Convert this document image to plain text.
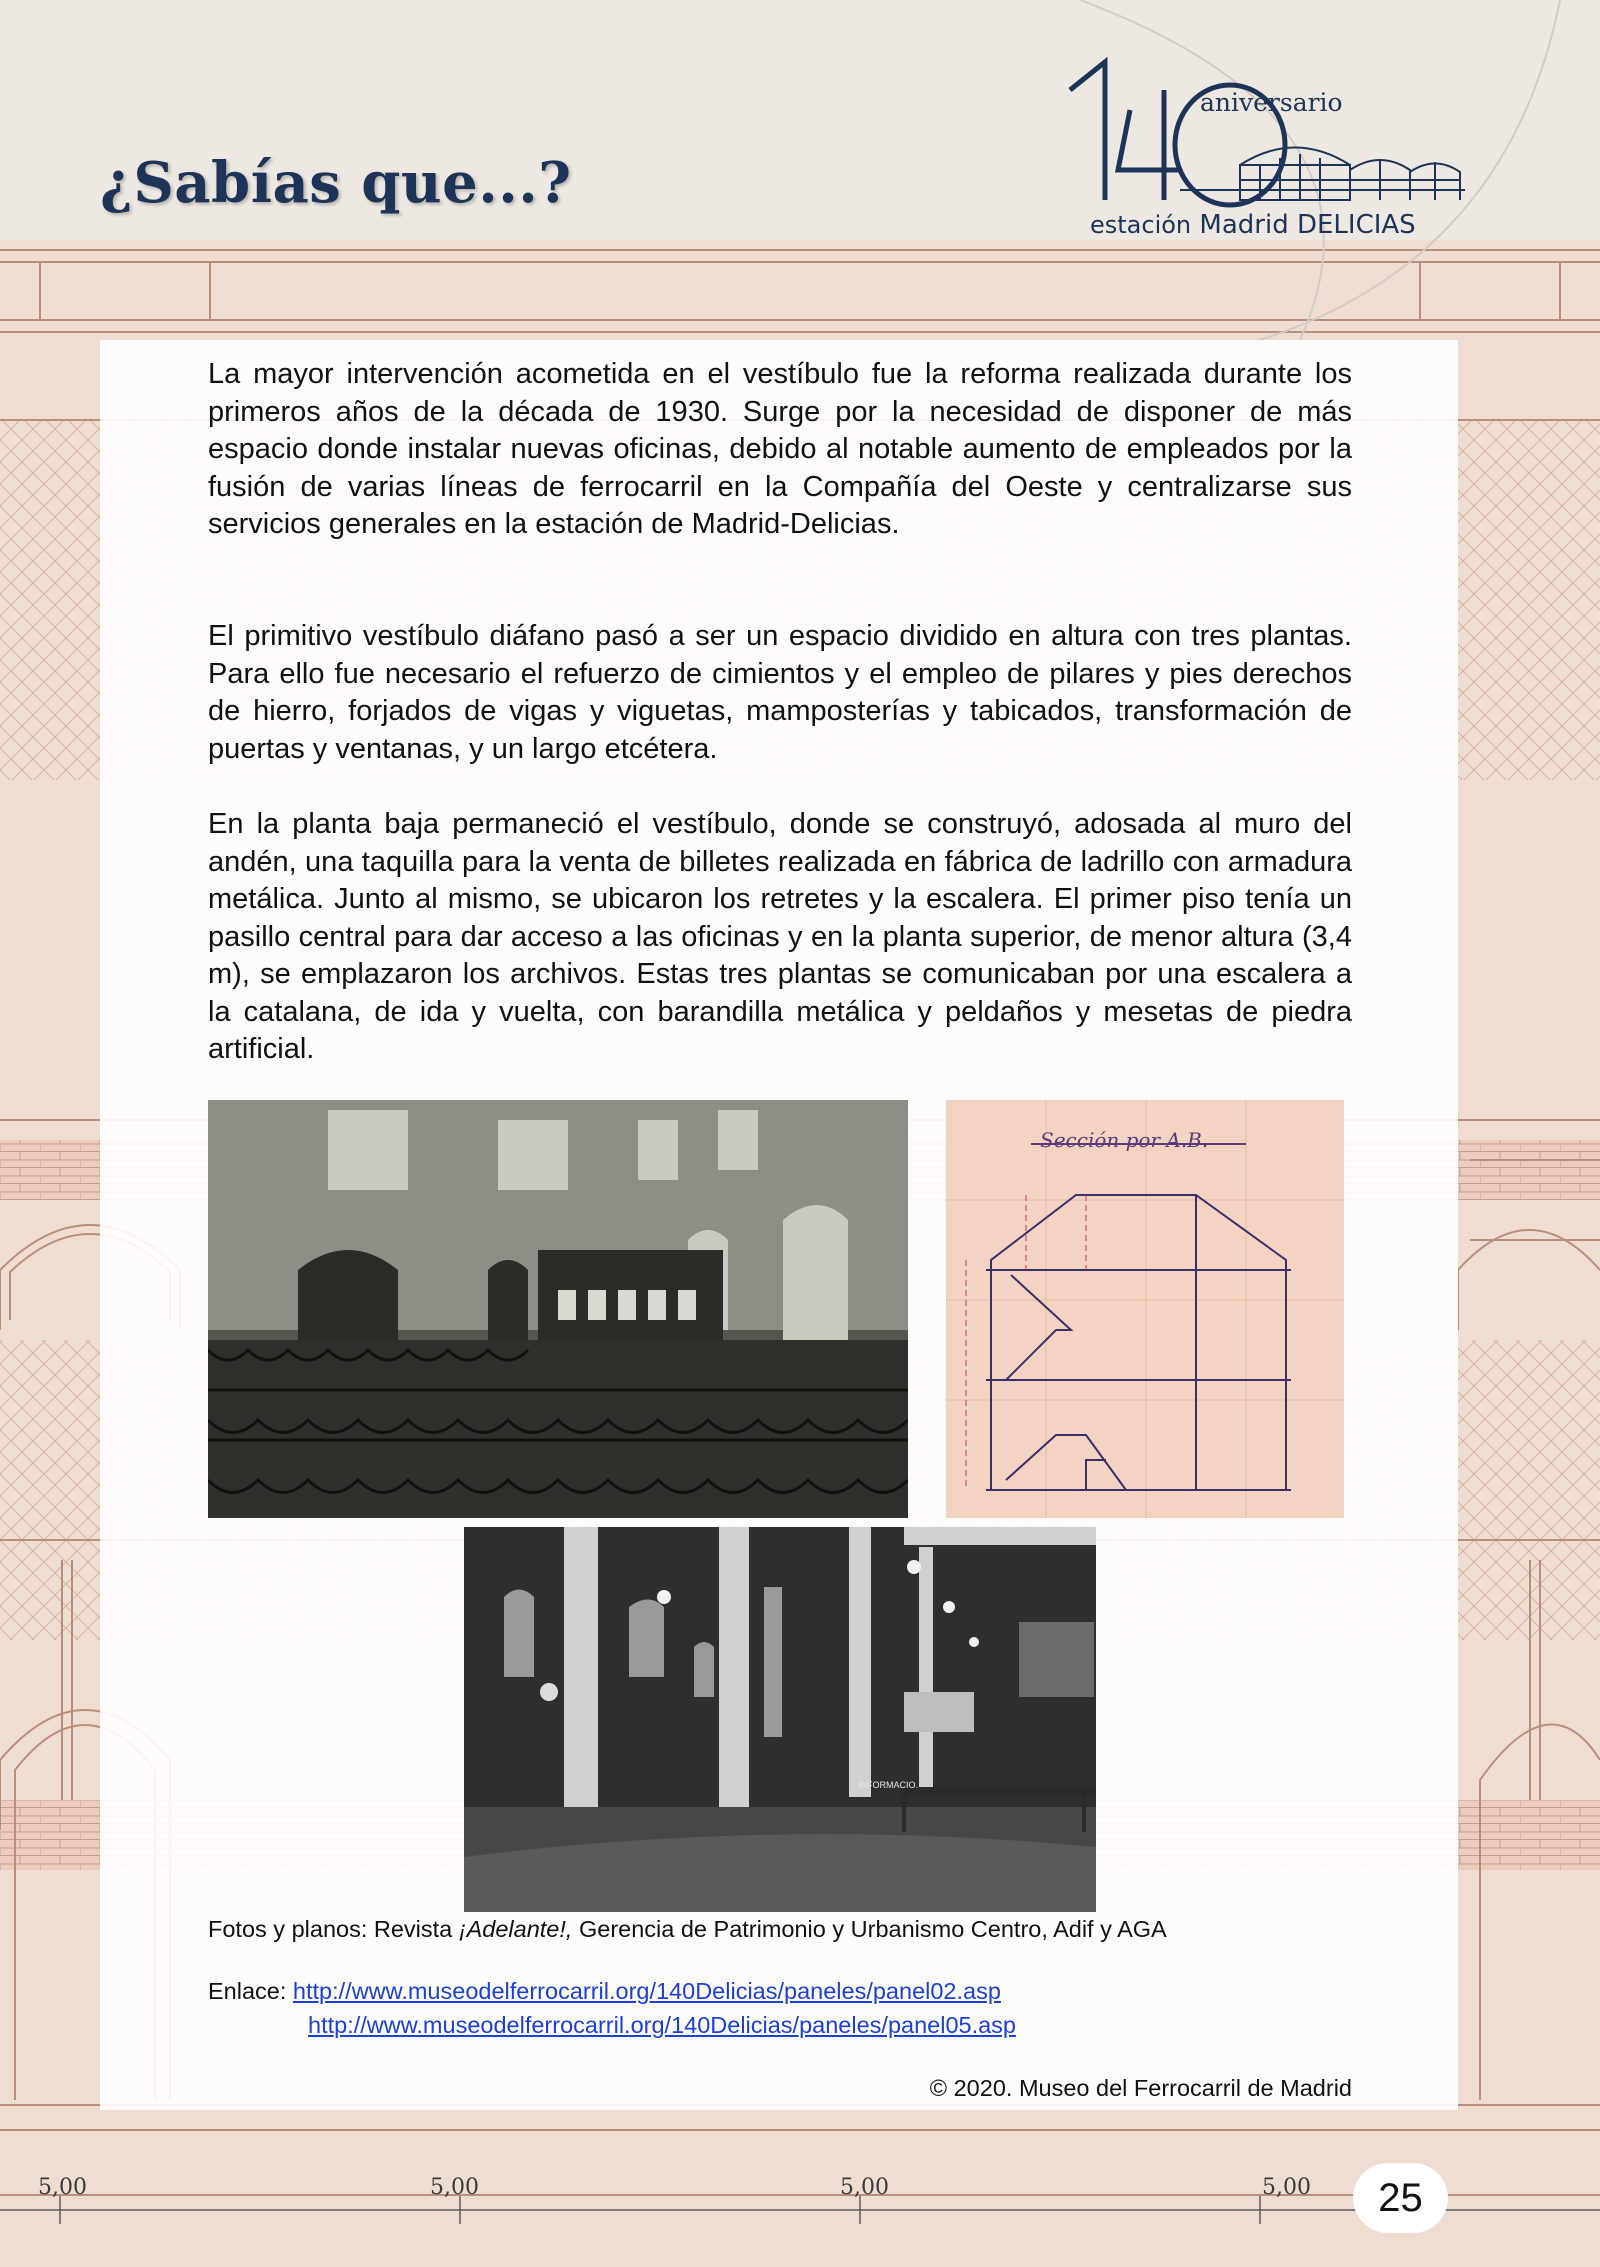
¿Sabías que...?
aniversario
estación Madrid DELICIAS

La mayor intervención acometida en el vestíbulo fue la reforma realizada durante los primeros años de la década de 1930. Surge por la necesidad de disponer de más espacio donde instalar nuevas oficinas, debido al notable aumento de empleados por la fusión de varias líneas de ferrocarril en la Compañía del Oeste y centralizarse sus servicios generales en la estación de Madrid-Delicias.

El primitivo vestíbulo diáfano pasó a ser un espacio dividido en altura con tres plantas. Para ello fue necesario el refuerzo de cimientos y el empleo de pilares y pies derechos de hierro, forjados de vigas y viguetas, mamposterías y tabicados, transformación de puertas y ventanas, y un largo etcétera.

En la planta baja permaneció el vestíbulo, donde se construyó, adosada al muro del andén, una taquilla para la venta de billetes realizada en fábrica de ladrillo con armadura metálica. Junto al mismo, se ubicaron los retretes y la escalera. El primer piso tenía un pasillo central para dar acceso a las oficinas y en la planta superior, de menor altura (3,4 m), se emplazaron los archivos. Estas tres plantas se comunicaban por una escalera a la catalana, de ida y vuelta, con barandilla metálica y peldaños y mesetas de piedra artificial.

Sección por A.B.
INFORMACIO.

Fotos y planos: Revista ¡Adelante!, Gerencia de Patrimonio y Urbanismo Centro, Adif y AGA

Enlace: http://www.museodelferrocarril.org/140Delicias/paneles/panel02.asp

http://www.museodelferrocarril.org/140Delicias/paneles/panel05.asp

© 2020. Museo del Ferrocarril de Madrid
5,00	5,00	5,00	5,00	25
